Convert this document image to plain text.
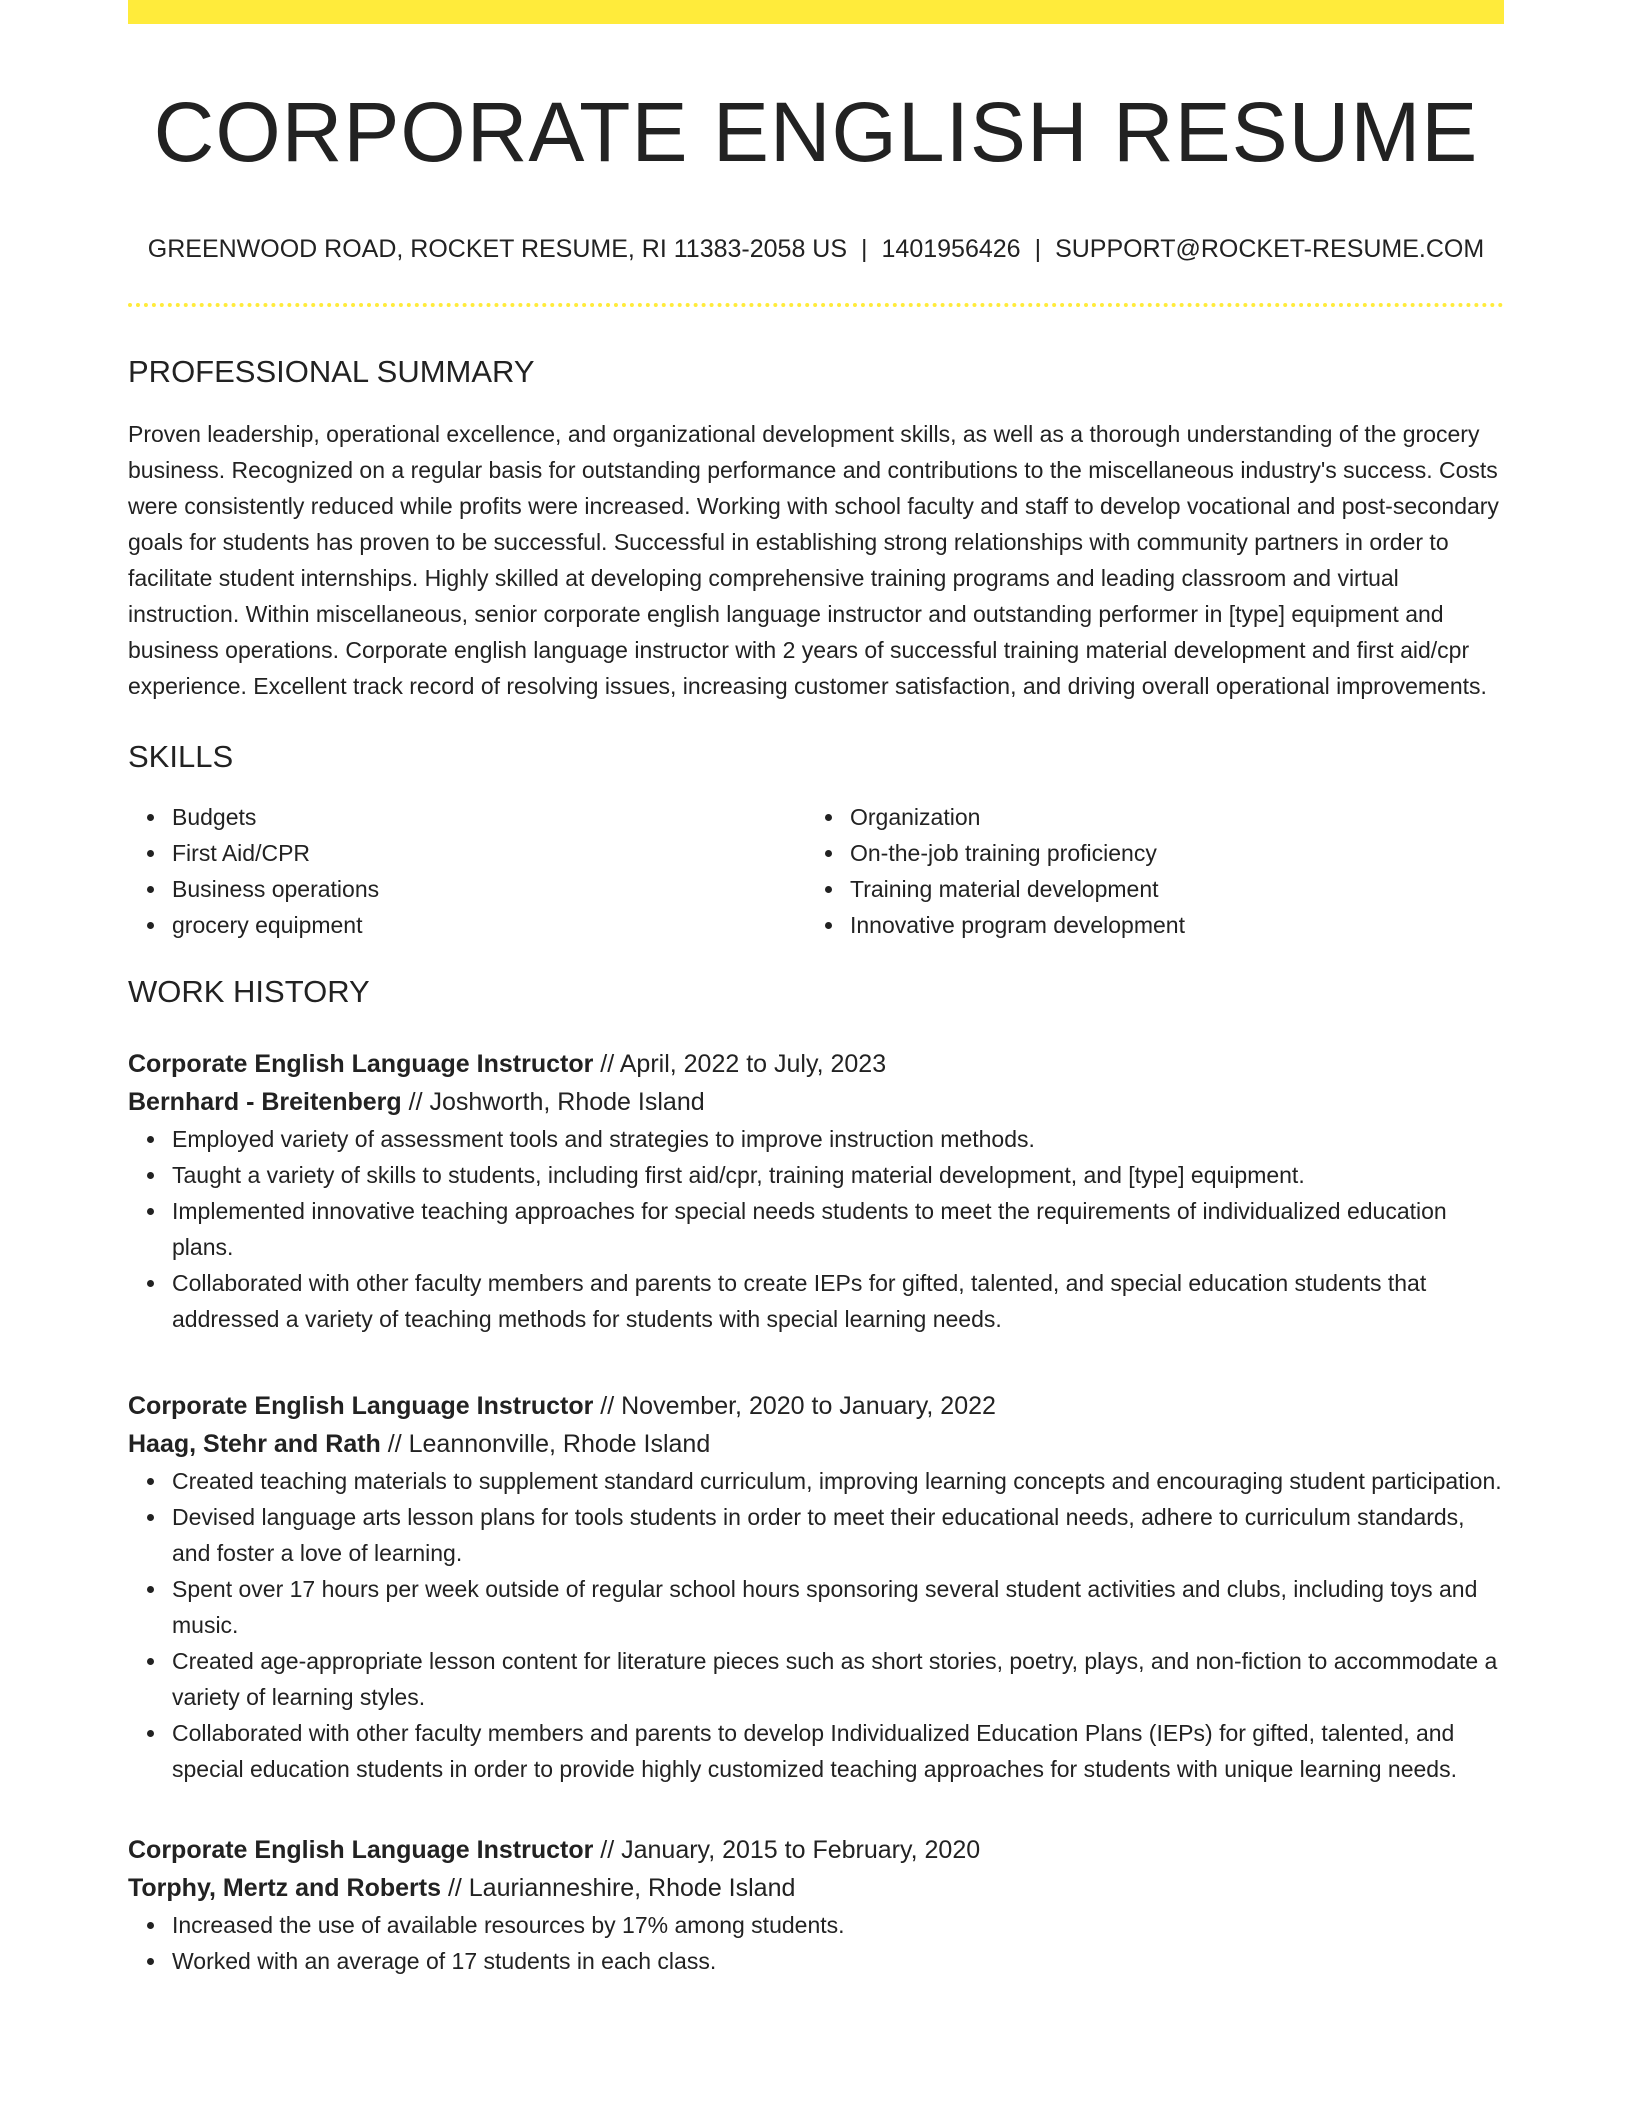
CORPORATE ENGLISH RESUME
GREENWOOD ROAD, ROCKET RESUME, RI 11383-2058 US | 1401956426 | SUPPORT@ROCKET-RESUME.COM
PROFESSIONAL SUMMARY

Proven leadership, operational excellence, and organizational development skills, as well as a thorough understanding of the grocery business. Recognized on a regular basis for outstanding performance and contributions to the miscellaneous industry's success. Costs were consistently reduced while profits were increased. Working with school faculty and staff to develop vocational and post-secondary goals for students has proven to be successful. Successful in establishing strong relationships with community partners in order to facilitate student internships. Highly skilled at developing comprehensive training programs and leading classroom and virtual instruction. Within miscellaneous, senior corporate english language instructor and outstanding performer in [type] equipment and business operations. Corporate english language instructor with 2 years of successful training material development and first aid/cpr experience. Excellent track record of resolving issues, increasing customer satisfaction, and driving overall operational improvements.

SKILLS
Budgets
First Aid/CPR
Business operations
grocery equipment
Organization
On-the-job training proficiency
Training material development
Innovative program development
WORK HISTORY
Corporate English Language Instructor // April, 2022 to July, 2023
Bernhard - Breitenberg // Joshworth, Rhode Island
Employed variety of assessment tools and strategies to improve instruction methods.
Taught a variety of skills to students, including first aid/cpr, training material development, and [type] equipment.
Implemented innovative teaching approaches for special needs students to meet the requirements of individualized education plans.
Collaborated with other faculty members and parents to create IEPs for gifted, talented, and special education students that addressed a variety of teaching methods for students with special learning needs.
Corporate English Language Instructor // November, 2020 to January, 2022
Haag, Stehr and Rath // Leannonville, Rhode Island
Created teaching materials to supplement standard curriculum, improving learning concepts and encouraging student participation.
Devised language arts lesson plans for tools students in order to meet their educational needs, adhere to curriculum standards, and foster a love of learning.
Spent over 17 hours per week outside of regular school hours sponsoring several student activities and clubs, including toys and music.
Created age-appropriate lesson content for literature pieces such as short stories, poetry, plays, and non-fiction to accommodate a variety of learning styles.
Collaborated with other faculty members and parents to develop Individualized Education Plans (IEPs) for gifted, talented, and special education students in order to provide highly customized teaching approaches for students with unique learning needs.
Corporate English Language Instructor // January, 2015 to February, 2020
Torphy, Mertz and Roberts // Laurianneshire, Rhode Island
Increased the use of available resources by 17% among students.
Worked with an average of 17 students in each class.
